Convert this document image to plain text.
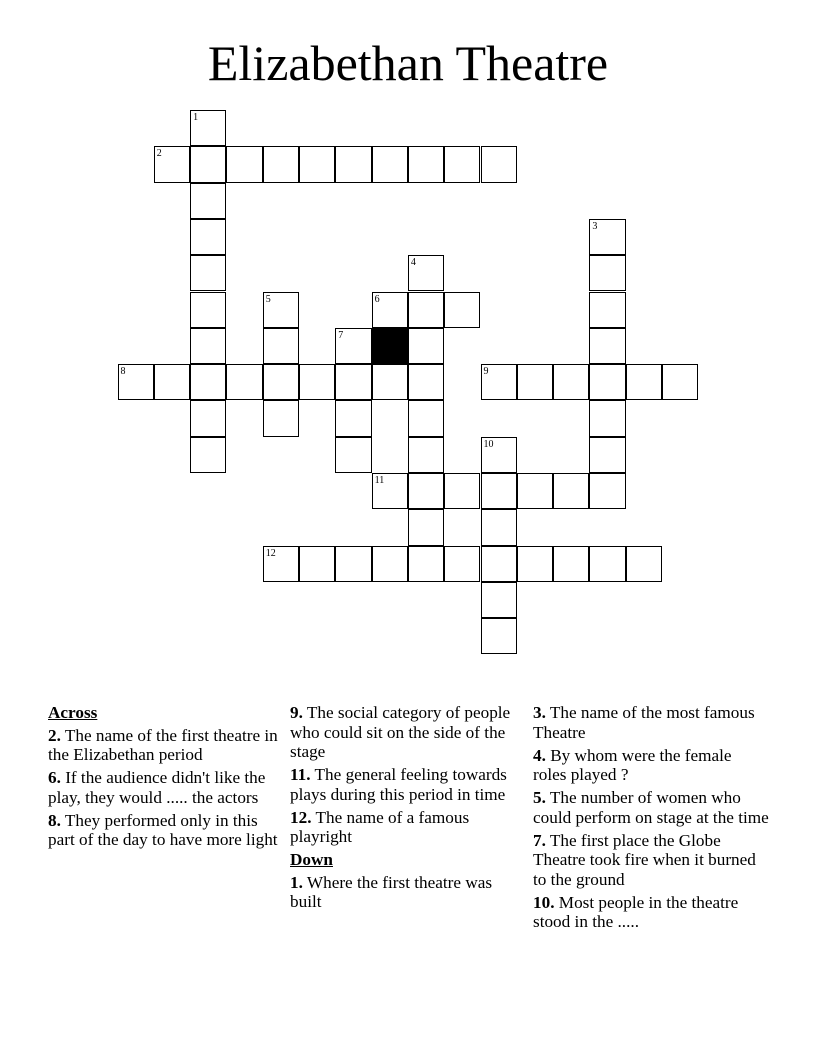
Elizabethan Theatre
1
2
3
4
5	6
7
8	9
10
11
12
Across
2. The name of the first theatre in the Elizabethan period
6. If the audience didn't like the play, they would ..... the actors
8. They performed only in this part of the day to have more light
9. The social category of people who could sit on the side of the stage
11. The general feeling towards plays during this period in time
12. The name of a famous playright
Down
1. Where the first theatre was built
3. The name of the most famous Theatre
4. By whom were the female roles played ?
5. The number of women who could perform on stage at the time
7. The first place the Globe Theatre took fire when it burned to the ground
10. Most people in the theatre stood in the .....
